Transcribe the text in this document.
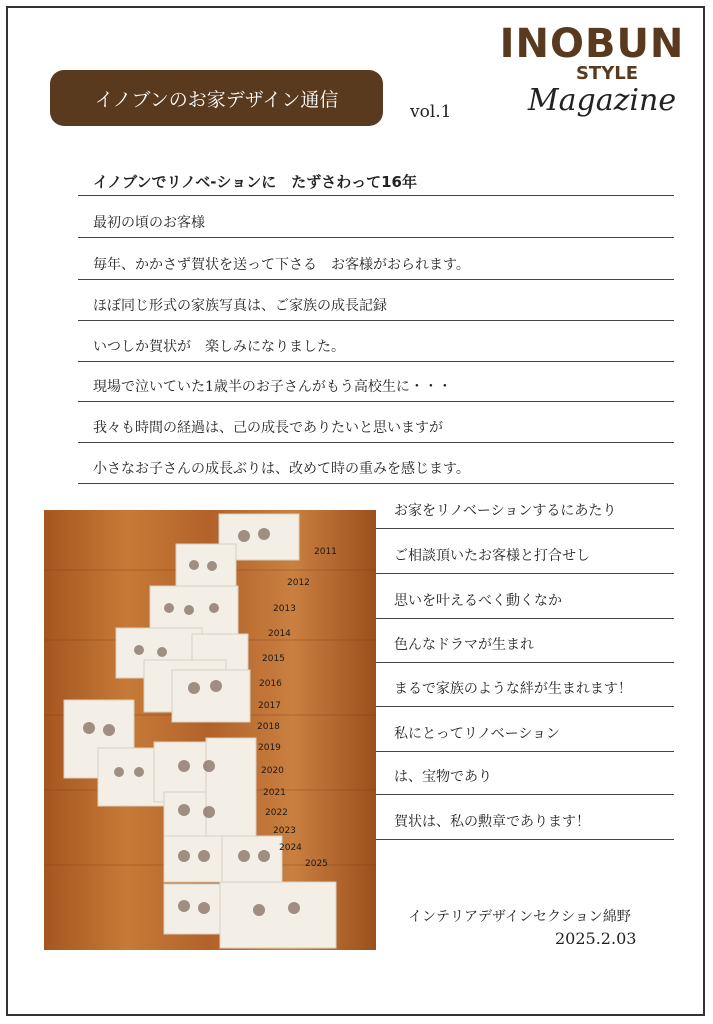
INOBUN
STYLE
Magazine
イノブンのお家デザイン通信
vol.1
イノブンでリノベ-ションに　たずさわって16年
最初の頃のお客様
毎年、かかさず賀状を送って下さる　お客様がおられます。
ほぼ同じ形式の家族写真は、ご家族の成長記録
いつしか賀状が　楽しみになりました。
現場で泣いていた1歳半のお子さんがもう高校生に・・・
我々も時間の経過は、己の成長でありたいと思いますが
小さなお子さんの成長ぶりは、改めて時の重みを感じます。
2011
2012
2013
2014
2015
2016
2017
2018
2019
2020
2021
2022
2023
2024
2025
お家をリノベーションするにあたり
ご相談頂いたお客様と打合せし
思いを叶えるべく動くなか
色んなドラマが生まれ
まるで家族のような絆が生まれます！
私にとってリノベーション
は、宝物であり
賀状は、私の勲章であります！
インテリアデザインセクション綿野
2025.2.03
